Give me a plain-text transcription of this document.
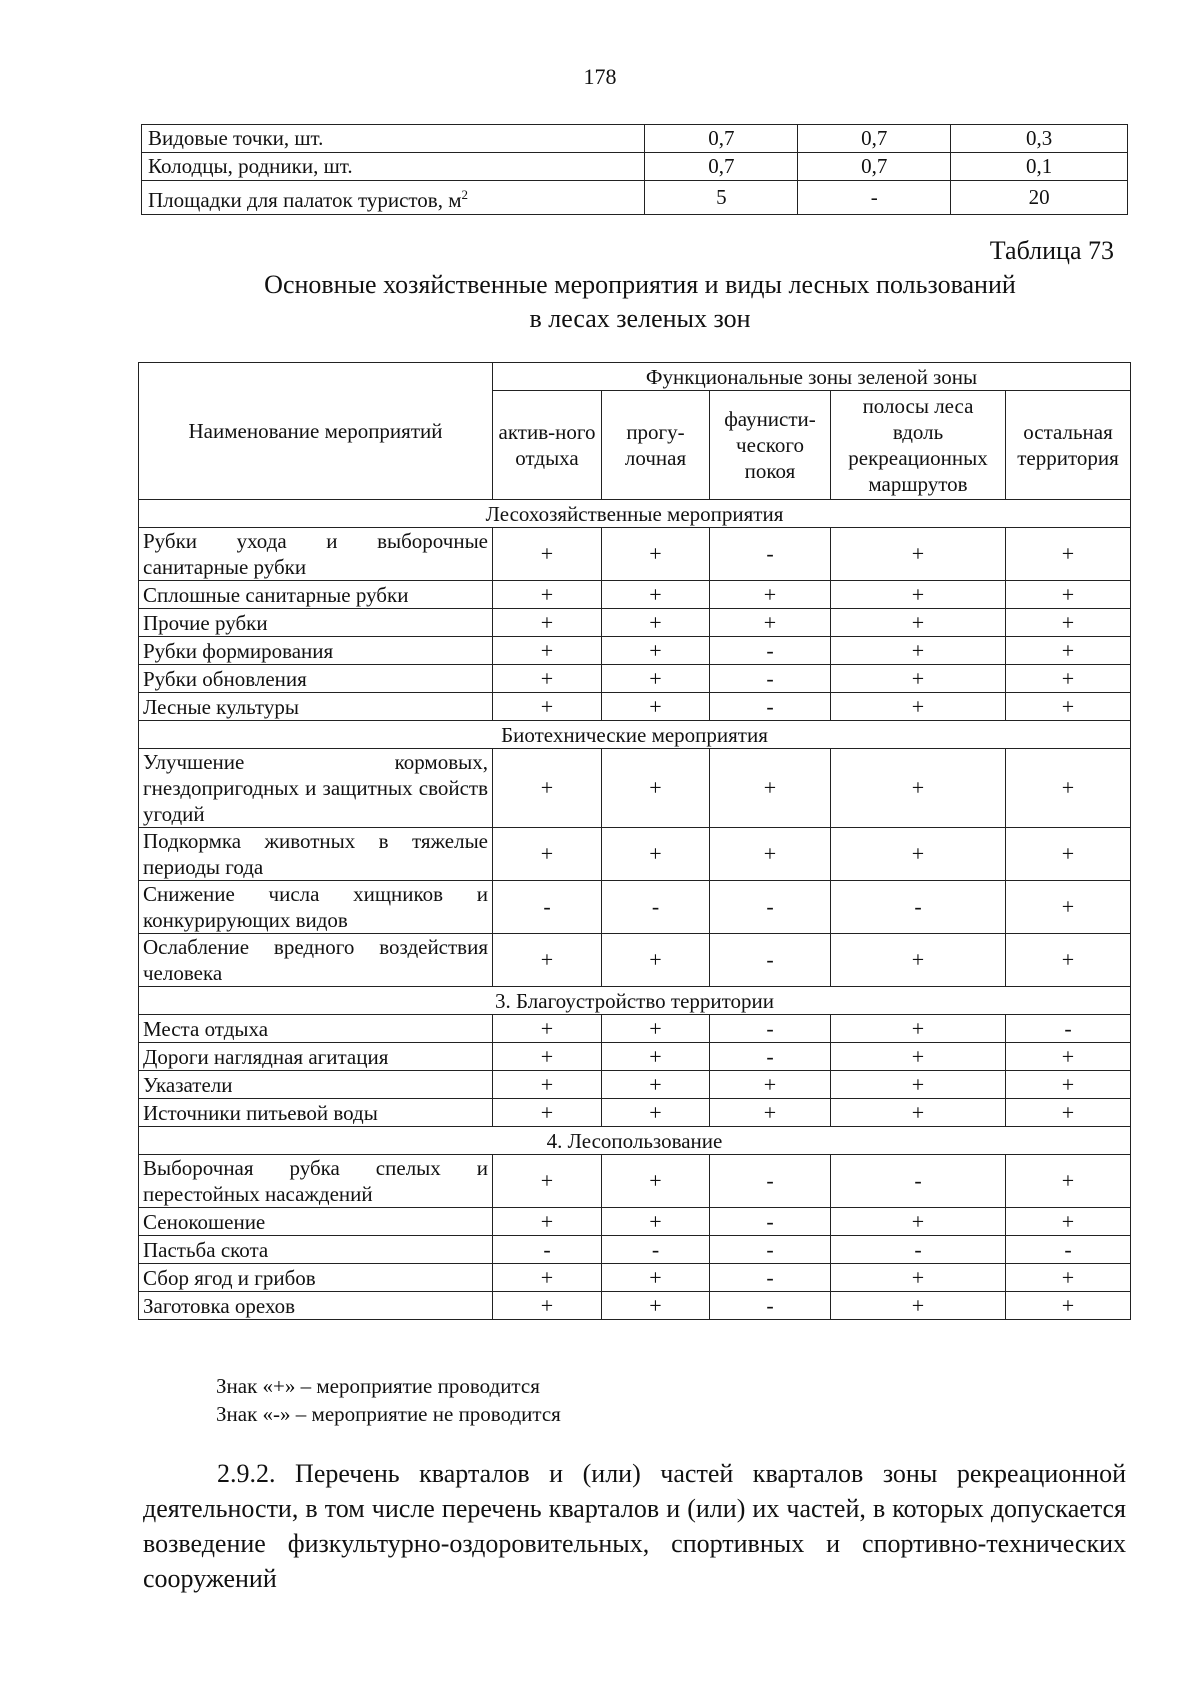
178
Видовые точки, шт.	0,7	0,7	0,3
Колодцы, родники, шт.	0,7	0,7	0,1
Площадки для палаток туристов, $м^2$	5	-	20
Таблица 73
Основные хозяйственные мероприятия и виды лесных пользований
в лесах зеленых зон
Наименование мероприятий	Функциональные зоны зеленой зоны				
	актив-ного отдыха	прогу-лочная	фаунисти-ческого покоя	полосы леса вдоль рекреационных маршрутов	остальная территория
Лесохозяйственные мероприятия					
Рубки ухода и выборочные санитарные рубки	+	+	-	+	+
Сплошные санитарные рубки	+	+	+	+	+
Прочие рубки	+	+	+	+	+
Рубки формирования	+	+	-	+	+
Рубки обновления	+	+	-	+	+
Лесные культуры	+	+	-	+	+
Биотехнические мероприятия					
Улучшение кормовых, гнездопригодных и защитных свойств угодий	+	+	+	+	+
Подкормка животных в тяжелые периоды года	+	+	+	+	+
Снижение числа хищников и конкурирующих видов	-	-	-	-	+
Ослабление вредного воздействия человека	+	+	-	+	+
3. Благоустройство территории					
Места отдыха	+	+	-	+	-
Дороги наглядная агитация	+	+	-	+	+
Указатели	+	+	+	+	+
Источники питьевой воды	+	+	+	+	+
4. Лесопользование					
Выборочная рубка спелых и перестойных насаждений	+	+	-	-	+
Сенокошение	+	+	-	+	+
Пастьба скота	-	-	-	-	-
Сбор ягод и грибов	+	+	-	+	+
Заготовка орехов	+	+	-	+	+
Знак «+» – мероприятие проводится
Знак «-» – мероприятие не проводится
2.9.2. Перечень кварталов и (или) частей кварталов зоны рекреационной деятельности, в том числе перечень кварталов и (или) их частей, в которых допускается возведение физкультурно-оздоровительных, спортивных и спортивно-технических сооружений
